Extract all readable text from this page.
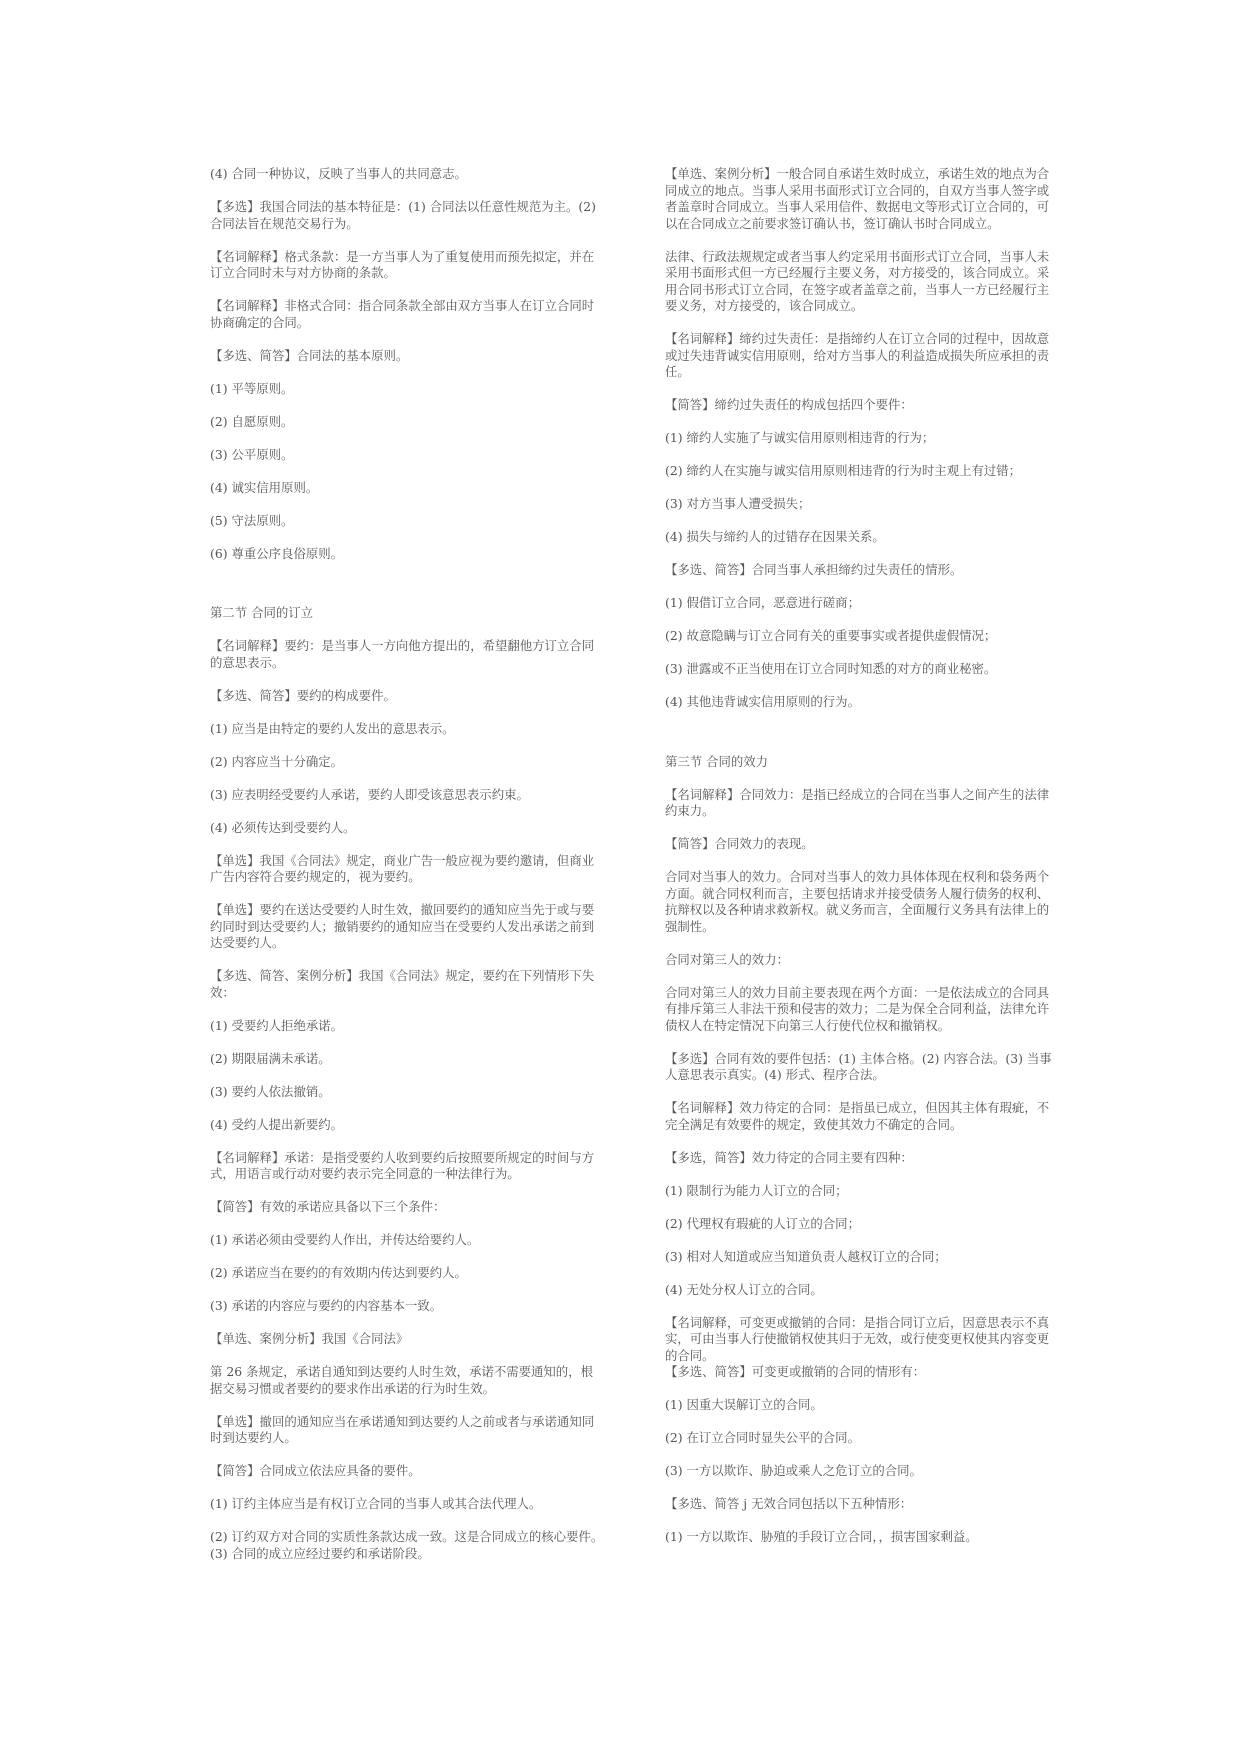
(4) 合同一种协议，反映了当事人的共同意志。

【多选】我国合同法的基本特征是：(1) 合同法以任意性规范为主。(2) 合同法旨在规范交易行为。

【名词解释】格式条款：是一方当事人为了重复使用而预先拟定，并在订立合同时未与对方协商的条款。

【名词解释】非格式合同：指合同条款全部由双方当事人在订立合同时协商确定的合同。

【多选、简答】合同法的基本原则。

(1) 平等原则。

(2) 自愿原则。

(3) 公平原则。

(4) 诚实信用原则。

(5) 守法原则。

(6) 尊重公序良俗原则。

第二节 合同的订立

【名词解释】要约：是当事人一方向他方提出的，希望翻他方订立合同的意思表示。

【多选、简答】要约的构成要件。

(1) 应当是由特定的要约人发出的意思表示。

(2) 内容应当十分确定。

(3) 应表明经受要约人承诺，要约人即受该意思表示约束。

(4) 必须传达到受要约人。

【单选】我国《合同法》规定，商业广告一般应视为要约邀请，但商业广告内容符合要约规定的，视为要约。

【单选】要约在送达受要约人时生效，撤回要约的通知应当先于或与要约同时到达受要约人；撤销要约的通知应当在受要约人发出承诺之前到达受要约人。

【多选、简答、案例分析】我国《合同法》规定，要约在下列情形下失效：

(1) 受要约人拒绝承诺。

(2) 期限届满未承诺。

(3) 要约人依法撤销。

(4) 受约人提出新要约。

【名词解释】承诺：是指受要约人收到要约后按照要所规定的时间与方式，用语言或行动对要约表示完全同意的一种法律行为。

【简答】有效的承诺应具备以下三个条件：

(1) 承诺必须由受要约人作出，并传达给要约人。

(2) 承诺应当在要约的有效期内传达到要约人。

(3) 承诺的内容应与要约的内容基本一致。

【单选、案例分析】我国《合同法》

第 26 条规定，承诺自通知到达要约人时生效，承诺不需要通知的，根据交易习惯或者要约的要求作出承诺的行为时生效。

【单选】撤回的通知应当在承诺通知到达要约人之前或者与承诺通知同时到达要约人。

【简答】合同成立依法应具备的要件。

(1) 订约主体应当是有权订立合同的当事人或其合法代理人。

(2) 订约双方对合同的实质性条款达成一致。这是合同成立的核心要件。

(3) 合同的成立应经过要约和承诺阶段。

【单选、案例分析】一般合同自承诺生效时成立，承诺生效的地点为合同成立的地点。当事人采用书面形式订立合同的，自双方当事人签字或者盖章时合同成立。当事人采用信件、数据电文等形式订立合同的，可以在合同成立之前要求签订确认书，签订确认书时合同成立。

法律、行政法规规定或者当事人约定采用书面形式订立合同，当事人未采用书面形式但一方已经履行主要义务，对方接受的，该合同成立。采用合同书形式订立合同，在签字或者盖章之前，当事人一方已经履行主要义务，对方接受的，该合同成立。

【名词解释】缔约过失责任：是指缔约人在订立合同的过程中，因故意或过失违背诚实信用原则，给对方当事人的利益造成损失所应承担的责任。

【简答】缔约过失责任的构成包括四个要件：

(1) 缔约人实施了与诚实信用原则相违背的行为；

(2) 缔约人在实施与诚实信用原则相违背的行为时主观上有过错；

(3) 对方当事人遭受损失；

(4) 损失与缔约人的过错存在因果关系。

【多选、简答】合同当事人承担缔约过失责任的情形。

(1) 假借订立合同，恶意进行磋商；

(2) 故意隐瞒与订立合同有关的重要事实或者提供虚假情况；

(3) 泄露或不正当使用在订立合同时知悉的对方的商业秘密。

(4) 其他违背诚实信用原则的行为。

第三节 合同的效力

【名词解释】合同效力：是指已经成立的合同在当事人之间产生的法律约束力。

【简答】合同效力的表现。

合同对当事人的效力。合同对当事人的效力具体体现在权利和袋务两个方面。就合同权利而言，主要包括请求并接受债务人履行债务的权利、抗辩权以及各种请求救新权。就义务而言，全面履行义务具有法律上的强制性。

合同对第三人的效力：

合同对第三人的效力目前主要表现在两个方面：一是依法成立的合同具有排斥第三人非法干预和侵害的效力；二是为保全合同利益，法律允许债权人在特定情况下向第三人行使代位权和撤销权。

【多选】合同有效的要件包括：(1) 主体合格。(2) 内容合法。(3) 当事人意思表示真实。(4) 形式、程序合法。

【名词解释】效力待定的合同：是指虽已成立，但因其主体有瑕疵，不完全满足有效要件的规定，致使其效力不确定的合同。

【多选，简答】效力待定的合同主要有四种：

(1) 限制行为能力人订立的合同；

(2) 代理权有瑕疵的人订立的合同；

(3) 相对人知道或应当知道负责人越权订立的合同；

(4) 无处分权人订立的合同。

【名词解释，可变更或撤销的合同：是指合同订立后，因意思表示不真实，可由当事人行使撤销权使其归于无效，或行使变更权使其内容变更的合同。

【多选、简答】可变更或撤销的合同的情形有：

(1) 因重大误解订立的合同。

(2) 在订立合同时显失公平的合同。

(3) 一方以欺诈、胁迫或乘人之危订立的合同。

【多选、简答 j 无效合同包括以下五种情形：

(1) 一方以欺诈、胁殖的手段订立合同，，损害国家剩益。
